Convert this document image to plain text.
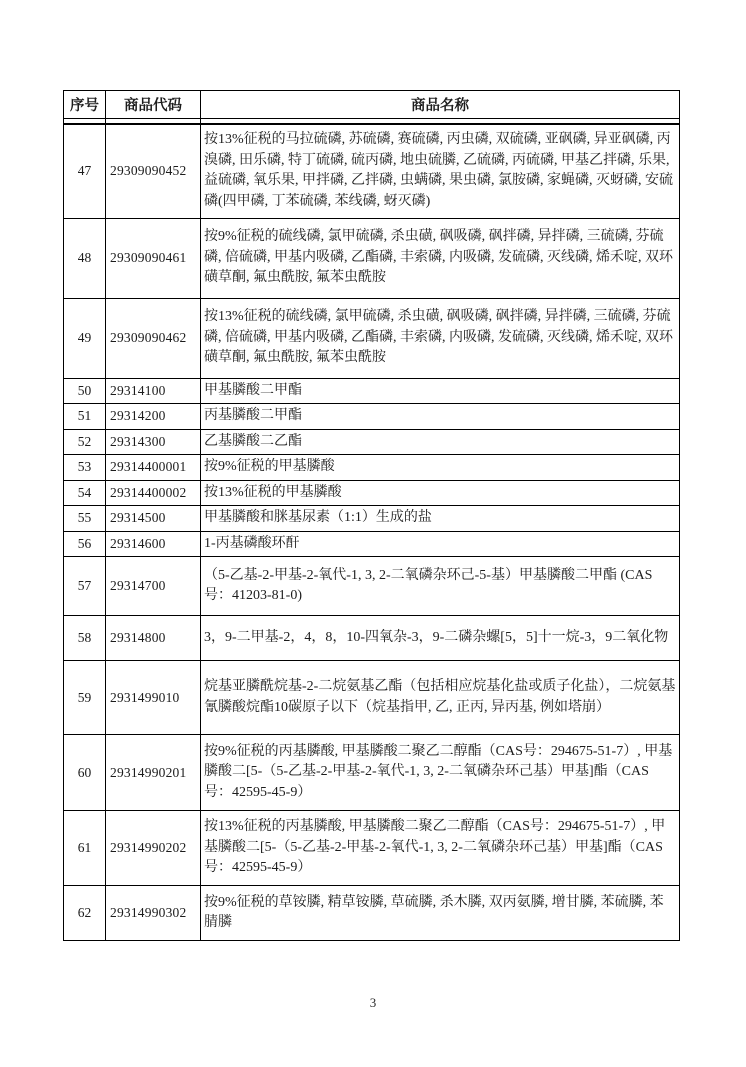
序号	商品代码	商品名称

47	29309090452	按13%征税的马拉硫磷, 苏硫磷, 赛硫磷, 丙虫磷, 双硫磷, 亚砜磷, 异亚砜磷, 丙溴磷, 田乐磷, 特丁硫磷, 硫丙磷, 地虫硫膦, 乙硫磷, 丙硫磷, 甲基乙拌磷, 乐果, 益硫磷, 氧乐果, 甲拌磷, 乙拌磷, 虫螨磷, 果虫磷, 氯胺磷, 家蝇磷, 灭蚜磷, 安硫磷(四甲磷, 丁苯硫磷, 苯线磷, 蚜灭磷)
48	29309090461	按9%征税的硫线磷, 氯甲硫磷, 杀虫磺, 砜吸磷, 砜拌磷, 异拌磷, 三硫磷, 芬硫磷, 倍硫磷, 甲基内吸磷, 乙酯磷, 丰索磷, 内吸磷, 发硫磷, 灭线磷, 烯禾啶, 双环磺草酮, 氟虫酰胺, 氟苯虫酰胺
49	29309090462	按13%征税的硫线磷, 氯甲硫磷, 杀虫磺, 砜吸磷, 砜拌磷, 异拌磷, 三硫磷, 芬硫磷, 倍硫磷, 甲基内吸磷, 乙酯磷, 丰索磷, 内吸磷, 发硫磷, 灭线磷, 烯禾啶, 双环磺草酮, 氟虫酰胺, 氟苯虫酰胺
50	29314100	甲基膦酸二甲酯
51	29314200	丙基膦酸二甲酯
52	29314300	乙基膦酸二乙酯
53	29314400001	按9%征税的甲基膦酸
54	29314400002	按13%征税的甲基膦酸
55	29314500	甲基膦酸和脒基尿素（1:1）生成的盐
56	29314600	1-丙基磷酸环酐
57	29314700	（5-乙基-2-甲基-2-氧代-1, 3, 2-二氧磷杂环己-5-基）甲基膦酸二甲酯 (CAS号：41203-81-0)
58	29314800	3，9-二甲基-2，4，8，10-四氧杂-3，9-二磷杂螺[5，5]十一烷-3，9二氧化物
59	2931499010	烷基亚膦酰烷基-2-二烷氨基乙酯（包括相应烷基化盐或质子化盐），二烷氨基氰膦酸烷酯10碳原子以下（烷基指甲, 乙, 正丙, 异丙基, 例如塔崩）
60	29314990201	按9%征税的丙基膦酸, 甲基膦酸二聚乙二醇酯（CAS号：294675-51-7）, 甲基膦酸二[5-（5-乙基-2-甲基-2-氧代-1, 3, 2-二氧磷杂环己基）甲基]酯（CAS号：42595-45-9）
61	29314990202	按13%征税的丙基膦酸, 甲基膦酸二聚乙二醇酯（CAS号：294675-51-7）, 甲基膦酸二[5-（5-乙基-2-甲基-2-氧代-1, 3, 2-二氧磷杂环己基）甲基]酯（CAS号：42595-45-9）
62	29314990302	按9%征税的草铵膦, 精草铵膦, 草硫膦, 杀木膦, 双丙氨膦, 增甘膦, 苯硫膦, 苯腈膦
3
